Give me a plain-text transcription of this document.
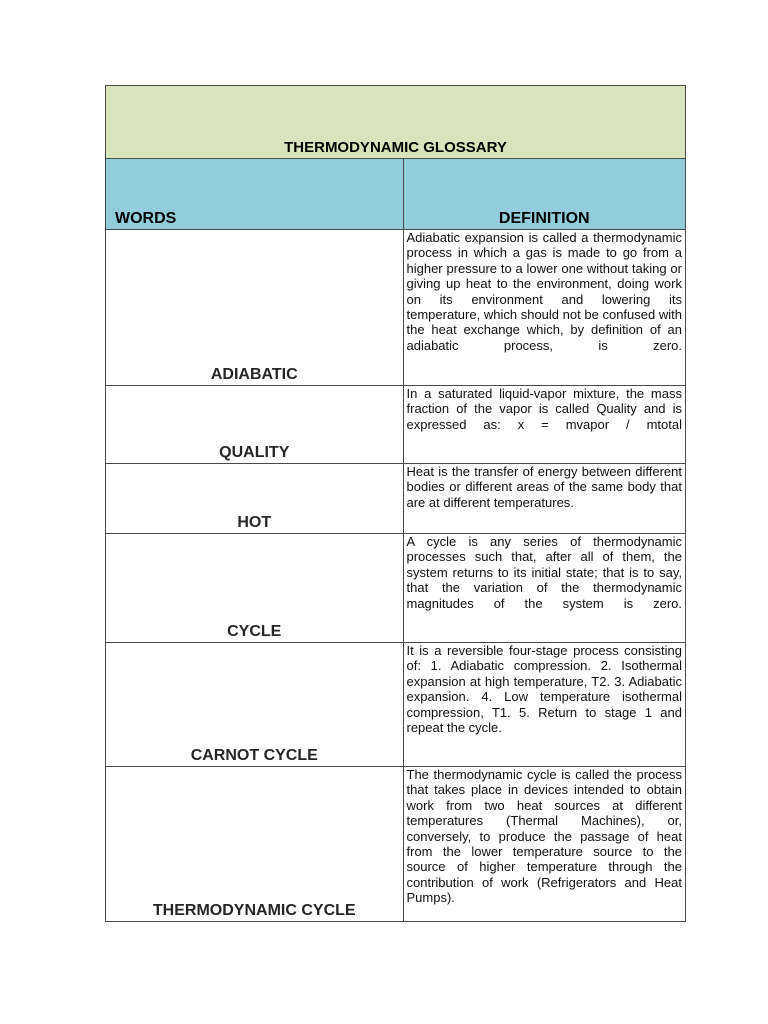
THERMODYNAMIC GLOSSARY	
WORDS	DEFINITION
ADIABATIC	Adiabatic expansion is called a thermodynamic process in which a gas is made to go from a higher pressure to a lower one without taking or giving up heat to the environment, doing work on its environment and lowering its temperature, which should not be confused with the heat exchange which, by definition of an adiabatic process, is zero.
QUALITY	In a saturated liquid-vapor mixture, the mass fraction of the vapor is called Quality and is expressed as: x = mvapor / mtotal
HOT	Heat is the transfer of energy between different bodies or different areas of the same body that are at different temperatures.
CYCLE	A cycle is any series of thermodynamic processes such that, after all of them, the system returns to its initial state; that is to say, that the variation of the thermodynamic magnitudes of the system is zero.
CARNOT CYCLE	It is a reversible four-stage process consisting of: 1. Adiabatic compression. 2. Isothermal expansion at high temperature, T2. 3. Adiabatic expansion. 4. Low temperature isothermal compression, T1. 5. Return to stage 1 and repeat the cycle.
THERMODYNAMIC CYCLE	The thermodynamic cycle is called the process that takes place in devices intended to obtain work from two heat sources at different temperatures (Thermal Machines), or, conversely, to produce the passage of heat from the lower temperature source to the source of higher temperature through the contribution of work (Refrigerators and Heat Pumps).
